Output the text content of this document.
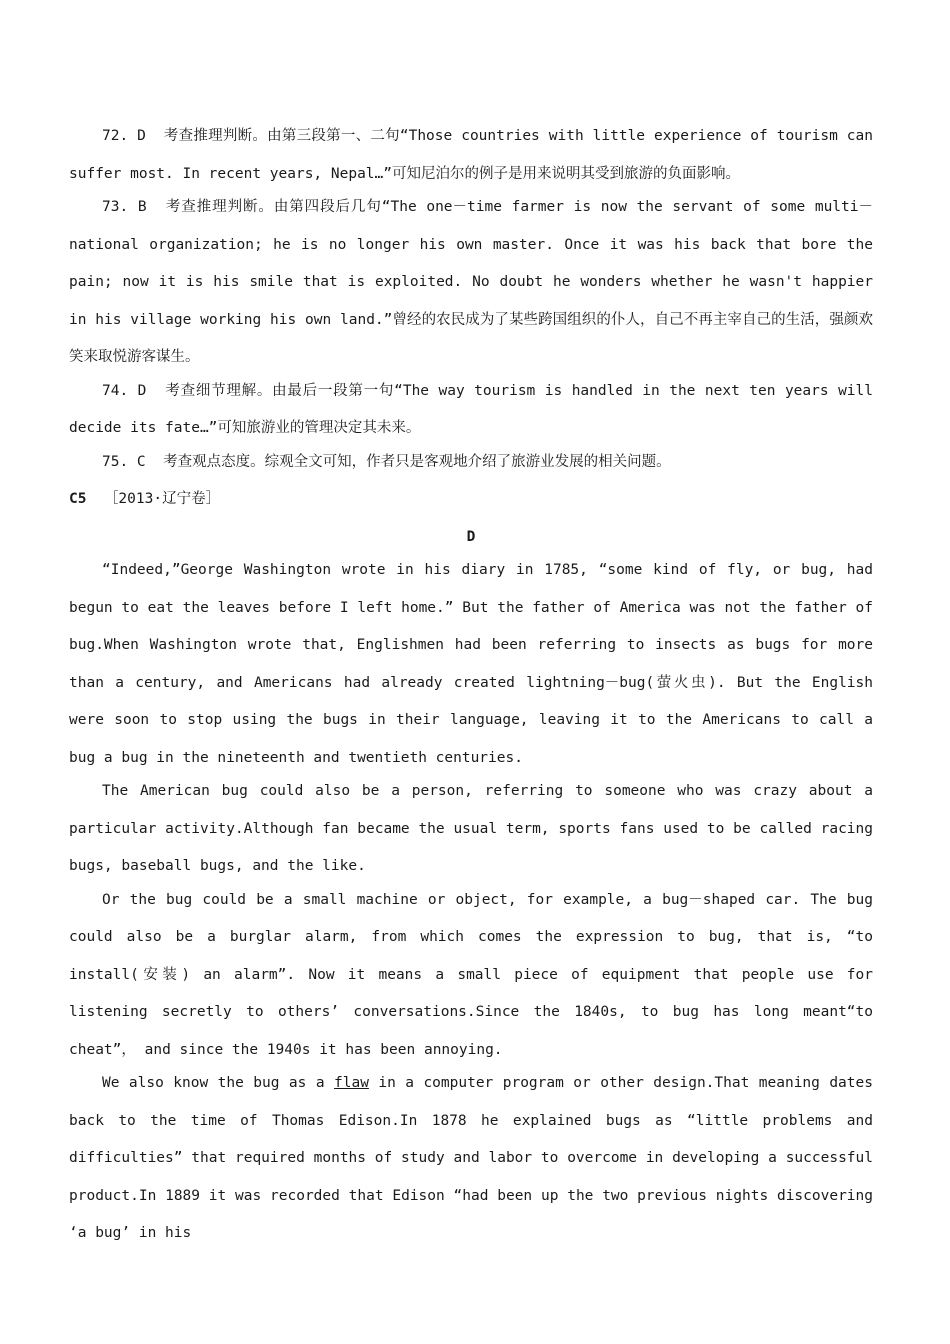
72. D 考查推理判断。由第三段第一、二句“Those countries with little experience of tourism can suffer most. In recent years, Nepal…”可知尼泊尔的例子是用来说明其受到旅游的负面影响。

73. B 考查推理判断。由第四段后几句“The one－time farmer is now the servant of some multi－national organization; he is no longer his own master. Once it was his back that bore the pain; now it is his smile that is exploited. No doubt he wonders whether he wasn't happier in his village working his own land.”曾经的农民成为了某些跨国组织的仆人，自己不再主宰自己的生活，强颜欢笑来取悦游客谋生。

74. D 考查细节理解。由最后一段第一句“The way tourism is handled in the next ten years will decide its fate…”可知旅游业的管理决定其未来。

75. C 考查观点态度。综观全文可知，作者只是客观地介绍了旅游业发展的相关问题。

C5 ［2013·辽宁卷］

D

“Indeed,”George Washington wrote in his diary in 1785, “some kind of fly, or bug, had begun to eat the leaves before I left home.” But the father of America was not the father of bug.When Washington wrote that, Englishmen had been referring to insects as bugs for more than a century, and Americans had already created lightning－bug(萤火虫). But the English were soon to stop using the bugs in their language, leaving it to the Americans to call a bug a bug in the nineteenth and twentieth centuries.

The American bug could also be a person, referring to someone who was crazy about a particular activity.Although fan became the usual term, sports fans used to be called racing bugs, baseball bugs, and the like.

Or the bug could be a small machine or object, for example, a bug－shaped car. The bug could also be a burglar alarm, from which comes the expression to bug, that is, “to install(安装) an alarm”. Now it means a small piece of equipment that people use for listening secretly to others’ conversations.Since the 1840s, to bug has long meant“to cheat”， and since the 1940s it has been annoying.

We also know the bug as a flaw in a computer program or other design.That meaning dates back to the time of Thomas Edison.In 1878 he explained bugs as “little problems and difficulties” that required months of study and labor to overcome in developing a successful product.In 1889 it was recorded that Edison “had been up the two previous nights discovering ‘a bug’ in his
